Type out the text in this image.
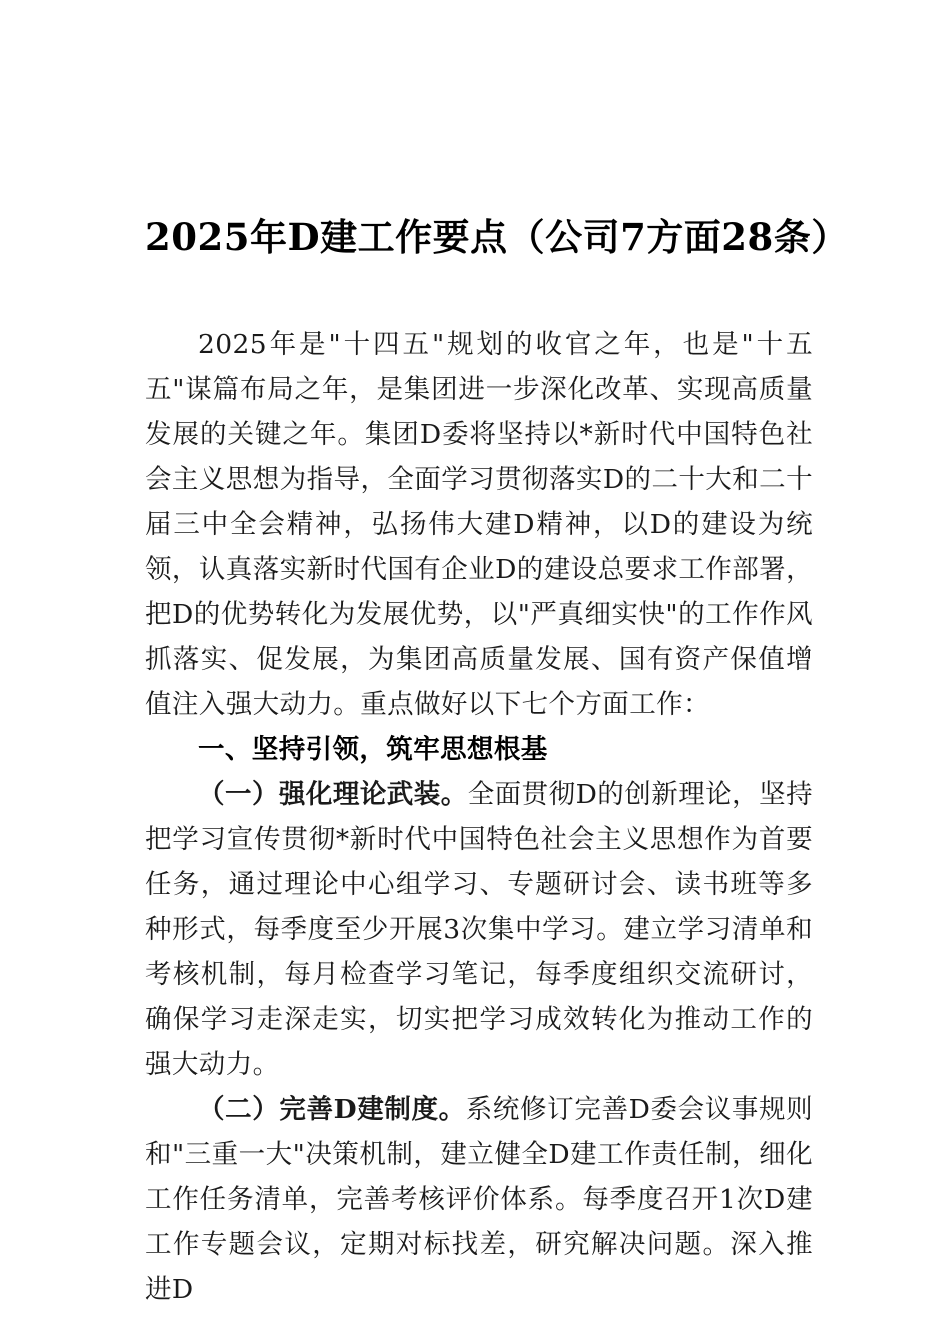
2025年D建工作要点（公司7方面28条）

2025年是"十四五"规划的收官之年，也是"十五五"谋篇布局之年，是集团进一步深化改革、实现高质量发展的关键之年。集团D委将坚持以*新时代中国特色社会主义思想为指导，全面学习贯彻落实D的二十大和二十届三中全会精神，弘扬伟大建D精神，以D的建设为统领，认真落实新时代国有企业D的建设总要求工作部署，把D的优势转化为发展优势，以"严真细实快"的工作作风抓落实、促发展，为集团高质量发展、国有资产保值增值注入强大动力。重点做好以下七个方面工作：

一、坚持引领，筑牢思想根基

（一）强化理论武装。全面贯彻D的创新理论，坚持把学习宣传贯彻*新时代中国特色社会主义思想作为首要任务，通过理论中心组学习、专题研讨会、读书班等多种形式，每季度至少开展3次集中学习。建立学习清单和考核机制，每月检查学习笔记，每季度组织交流研讨，确保学习走深走实，切实把学习成效转化为推动工作的强大动力。

（二）完善D建制度。系统修订完善D委会议事规则和"三重一大"决策机制，建立健全D建工作责任制，细化工作任务清单，完善考核评价体系。每季度召开1次D建工作专题会议，定期对标找差，研究解决问题。深入推进D
